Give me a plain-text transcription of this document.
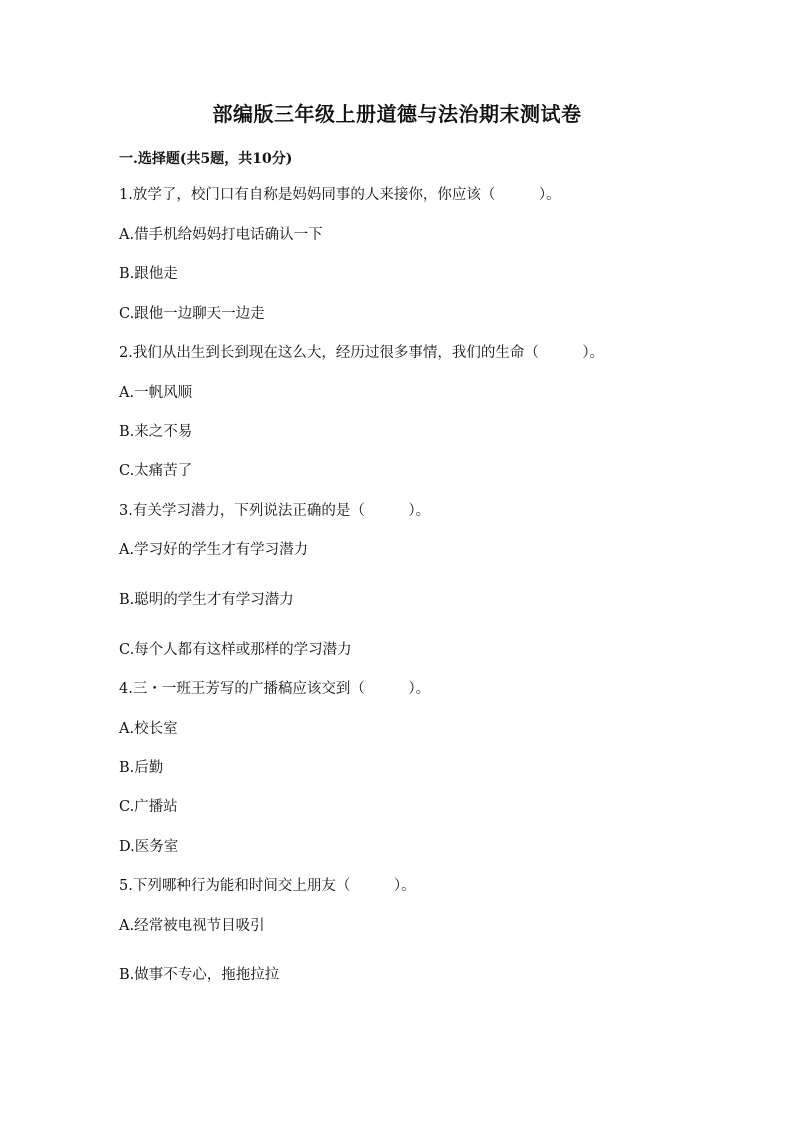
部编版三年级上册道德与法治期末测试卷
一.选择题(共5题，共10分)
1.放学了，校门口有自称是妈妈同事的人来接你，你应该（　　　）。
A.借手机给妈妈打电话确认一下
B.跟他走
C.跟他一边聊天一边走
2.我们从出生到长到现在这么大，经历过很多事情，我们的生命（　　　）。
A.一帆风顺
B.来之不易
C.太痛苦了
3.有关学习潜力，下列说法正确的是（　　　）。
A.学习好的学生才有学习潜力
B.聪明的学生才有学习潜力
C.每个人都有这样或那样的学习潜力
4.三・一班王芳写的广播稿应该交到（　　　）。
A.校长室
B.后勤
C.广播站
D.医务室
5.下列哪种行为能和时间交上朋友（　　　）。
A.经常被电视节目吸引
B.做事不专心，拖拖拉拉
